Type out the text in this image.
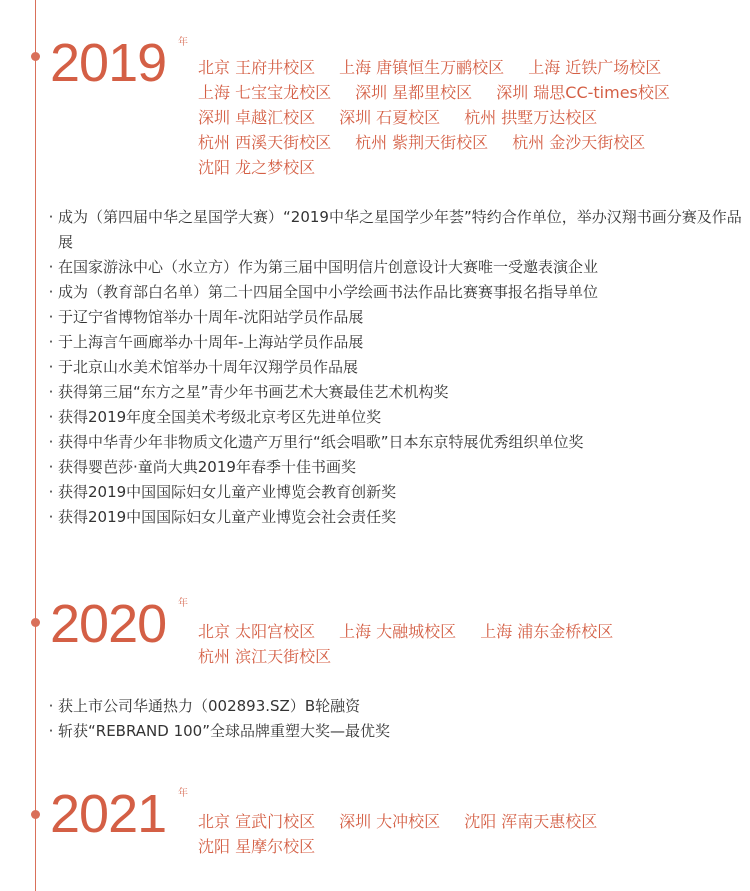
2019 年
北京 王府井校区 上海 唐镇恒生万鹂校区 上海 近铁广场校区
上海 七宝宝龙校区 深圳 星都里校区 深圳 瑞思CC-times校区
深圳 卓越汇校区 深圳 石夏校区 杭州 拱墅万达校区
杭州 西溪天街校区 杭州 紫荆天街校区 杭州 金沙天街校区
沈阳 龙之梦校区
· 成为（第四届中华之星国学大赛）“2019中华之星国学少年荟”特约合作单位，举办汉翔书画分赛及作品展
· 在国家游泳中心（水立方）作为第三届中国明信片创意设计大赛唯一受邀表演企业
· 成为（教育部白名单）第二十四届全国中小学绘画书法作品比赛赛事报名指导单位
· 于辽宁省博物馆举办十周年-沈阳站学员作品展
· 于上海言午画廊举办十周年-上海站学员作品展
· 于北京山水美术馆举办十周年汉翔学员作品展
· 获得第三届“东方之星”青少年书画艺术大赛最佳艺术机构奖
· 获得2019年度全国美术考级北京考区先进单位奖
· 获得中华青少年非物质文化遗产万里行“纸会唱歌”日本东京特展优秀组织单位奖
· 获得婴芭莎·童尚大典2019年春季十佳书画奖
· 获得2019中国国际妇女儿童产业博览会教育创新奖
· 获得2019中国国际妇女儿童产业博览会社会责任奖
2020 年
北京 太阳宫校区 上海 大融城校区 上海 浦东金桥校区
杭州 滨江天街校区
· 获上市公司华通热力（002893.SZ）B轮融资
· 斩获“REBRAND 100”全球品牌重塑大奖—最优奖
2021 年
北京 宣武门校区 深圳 大冲校区 沈阳 浑南天惠校区
沈阳 星摩尔校区
